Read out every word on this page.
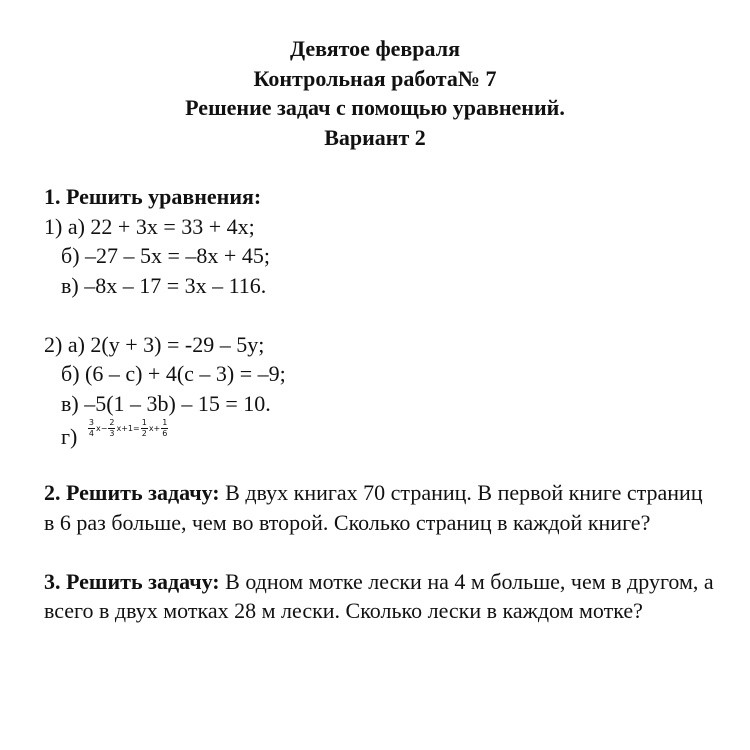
Девятое февраля
Контрольная работа№ 7
Решение задач с помощью уравнений.
Вариант 2
1. Решить уравнения:
1) а) 22 + 3x = 33 + 4x;
б) –27 – 5x = –8x + 45;
в) –8x – 17 = 3x – 116.
2) а) 2(y + 3) = -29 – 5y;
б) (6 – c) + 4(c – 3) = –9;
в) –5(1 – 3b) – 15 = 10.
$г) \frac{3}{4} x- \frac{2}{3} x+1= \frac{1}{2} x+ \frac{1}{6}$
2. Решить задачу: В двух книгах 70 страниц. В первой книге страниц в 6 раз больше, чем во второй. Сколько страниц в каждой книге?
3. Решить задачу: В одном мотке лески на 4 м больше, чем в другом, а всего в двух мотках 28 м лески. Сколько лески в каждом мотке?
